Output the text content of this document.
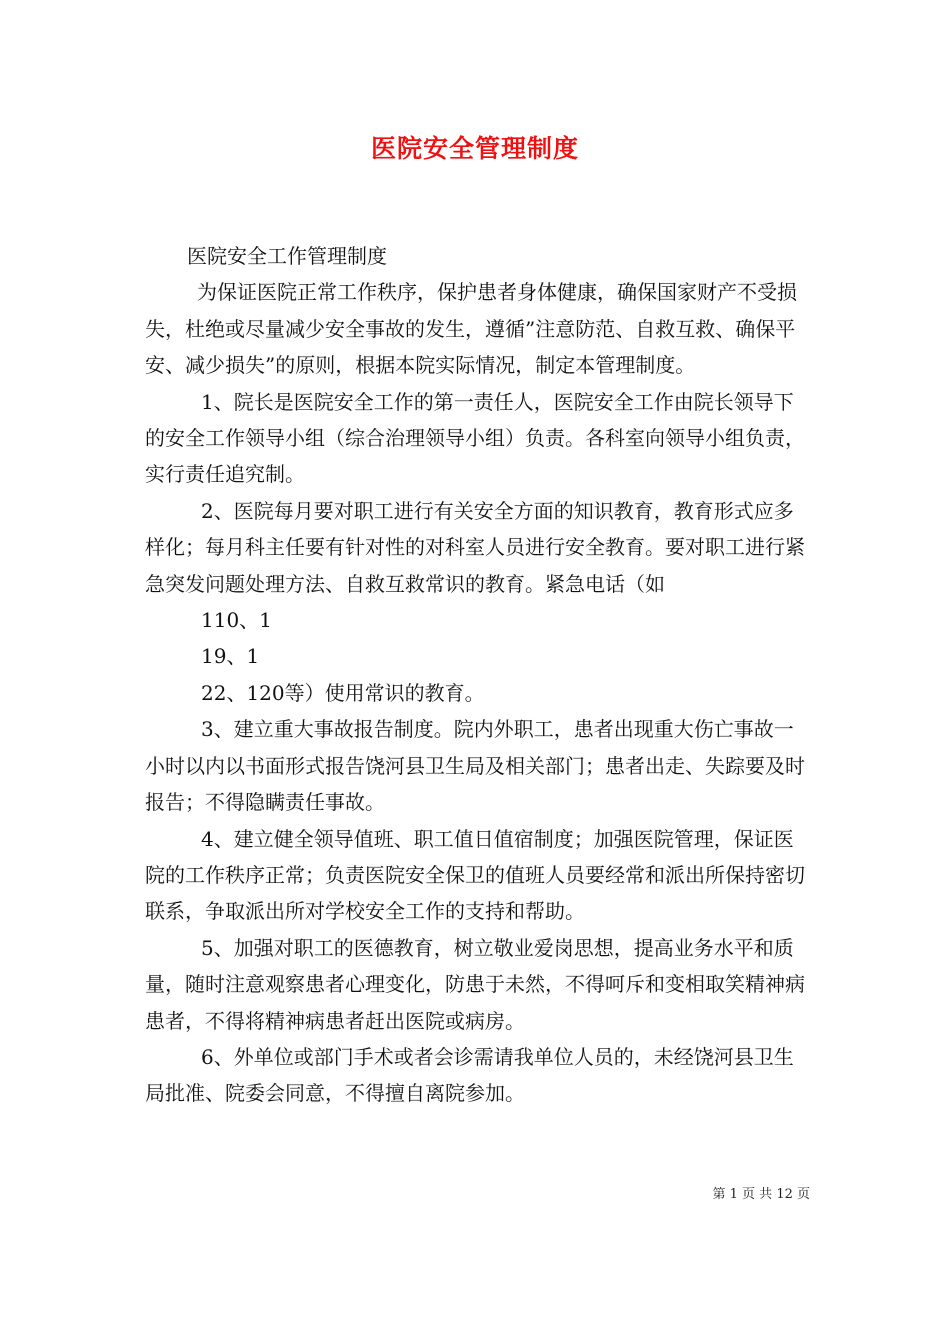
医院安全管理制度

医院安全工作管理制度

为保证医院正常工作秩序，保护患者身体健康，确保国家财产不受损失，杜绝或尽量减少安全事故的发生，遵循”注意防范、自救互救、确保平安、减少损失”的原则，根据本院实际情况，制定本管理制度。

1、院长是医院安全工作的第一责任人，医院安全工作由院长领导下的安全工作领导小组（综合治理领导小组）负责。各科室向领导小组负责，实行责任追究制。

2、医院每月要对职工进行有关安全方面的知识教育，教育形式应多样化；每月科主任要有针对性的对科室人员进行安全教育。要对职工进行紧急突发问题处理方法、自救互救常识的教育。紧急电话（如

110、1

19、1

22、120等）使用常识的教育。

3、建立重大事故报告制度。院内外职工，患者出现重大伤亡事故一小时以内以书面形式报告饶河县卫生局及相关部门；患者出走、失踪要及时报告；不得隐瞒责任事故。

4、建立健全领导值班、职工值日值宿制度；加强医院管理，保证医院的工作秩序正常；负责医院安全保卫的值班人员要经常和派出所保持密切联系，争取派出所对学校安全工作的支持和帮助。

5、加强对职工的医德教育，树立敬业爱岗思想，提高业务水平和质量，随时注意观察患者心理变化，防患于未然，不得呵斥和变相取笑精神病患者，不得将精神病患者赶出医院或病房。

6、外单位或部门手术或者会诊需请我单位人员的，未经饶河县卫生局批准、院委会同意，不得擅自离院参加。

第 1 页 共 12 页
